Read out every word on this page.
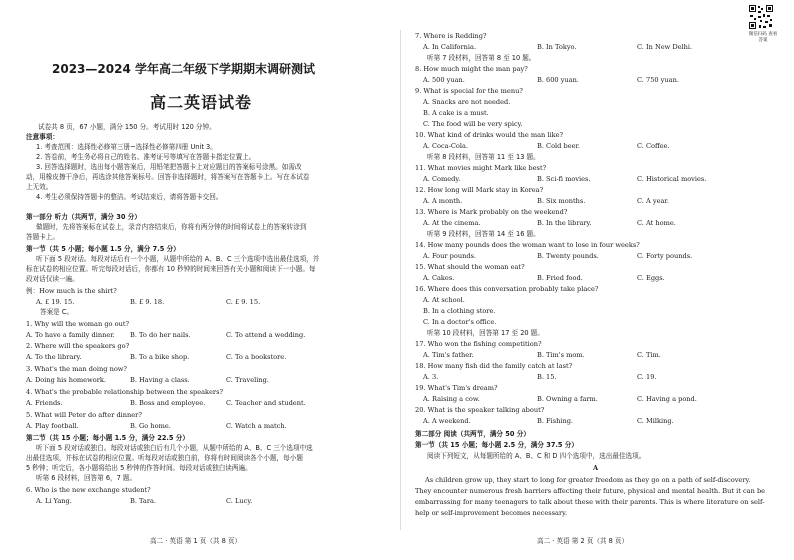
微信扫码 查看答案
2023—2024 学年高二年级下学期期末调研测试
高二英语试卷
试卷共 8 页，67 小题，满分 150 分。考试用时 120 分钟。
注意事项：
1. 考查范围：选择性必修第三册~选择性必修第四册 Unit 3。
2. 答卷前，考生务必将自己的姓名、准考证号等填写在答题卡指定位置上。
3. 回答选择题时，选出每小题答案后，用铅笔把答题卡上对应题目的答案标号涂黑。如需改
动，用橡皮擦干净后，再选涂其他答案标号。回答非选择题时，将答案写在答题卡上。写在本试卷
上无效。
4. 考生必须保持答题卡的整洁。考试结束后，请将答题卡交回。
第一部分 听力（共两节，满分 30 分）
做题时，先将答案标在试卷上，录音内容结束后，你将有两分钟的时间将试卷上的答案转涂到
答题卡上。
第一节（共 5 小题；每小题 1.5 分，满分 7.5 分）
听下面 5 段对话。每段对话后有一个小题，从题中所给的 A、B、C 三个选项中选出最佳选项，并
标在试卷的相应位置。听完每段对话后，你都有 10 秒钟的时间来回答有关小题和阅读下一小题。每
段对话仅读一遍。
例：How much is the shirt?
A. £ 19. 15.	B. £ 9. 18.	C. £ 9. 15.
答案是 C。
1. Why will the woman go out?
A. To have a family dinner. B. To do her nails.	C. To attend a wedding.
2. Where will the speakers go?
A. To the library.	B. To a bike shop.	C. To a bookstore.
3. What's the man doing now?
A. Doing his homework.	B. Having a class.	C. Traveling.
4. What's the probable relationship between the speakers?
A. Friends.	B. Boss and employee.	C. Teacher and student.
5. What will Peter do after dinner?
A. Play football.	B. Go home.	C. Watch a match.
第二节（共 15 小题；每小题 1.5 分，满分 22.5 分）
听下面 5 段对话或独白。每段对话或独白后有几个小题，从题中所给的 A、B、C 三个选项中选
出最佳选项，并标在试卷的相应位置。听每段对话或独白前，你将有时间阅读各个小题，每小题
5 秒钟；听完后，各小题将给出 5 秒钟的作答时间。每段对话或独白读两遍。
听第 6 段材料，回答第 6，7 题。
6. Who is the new exchange student?
A. Li Yang.	B. Tara.	C. Lucy.
高二 · 英语 第 1 页（共 8 页）
7. Where is Redding?
A. In California.	B. In Tokyo.	C. In New Delhi.
听第 7 段材料，回答第 8 至 10 题。
8. How much might the man pay?
A. 500 yuan.	B. 600 yuan.	C. 750 yuan.
9. What is special for the menu?
A. Snacks are not needed.
B. A cake is a must.
C. The food will be very spicy.
10. What kind of drinks would the man like?
A. Coca-Cola.	B. Cold beer.	C. Coffee.
听第 8 段材料，回答第 11 至 13 题。
11. What movies might Mark like best?
A. Comedy.	B. Sci-fi movies.	C. Historical movies.
12. How long will Mark stay in Korea?
A. A month.	B. Six months.	C. A year.
13. Where is Mark probably on the weekend?
A. At the cinema.	B. In the library.	C. At home.
听第 9 段材料，回答第 14 至 16 题。
14. How many pounds does the woman want to lose in four weeks?
A. Four pounds.	B. Twenty pounds.	C. Forty pounds.
15. What should the woman eat?
A. Cakes.	B. Fried food.	C. Eggs.
16. Where does this conversation probably take place?
A. At school.
B. In a clothing store.
C. In a doctor's office.
听第 10 段材料，回答第 17 至 20 题。
17. Who won the fishing competition?
A. Tim's father.	B. Tim's mom.	C. Tim.
18. How many fish did the family catch at last?
A. 3.	B. 15.	C. 19.
19. What's Tim's dream?
A. Raising a cow.	B. Owning a farm.	C. Having a pond.
20. What is the speaker talking about?
A. A weekend.	B. Fishing.	C. Milking.
第二部分 阅读（共两节，满分 50 分）
第一节（共 15 小题；每小题 2.5 分，满分 37.5 分）
阅读下列短文，从每题所给的 A、B、C 和 D 四个选项中，选出最佳选项。
A
As children grow up, they start to long for greater freedom as they go on a path of self-discovery.
They encounter numerous fresh barriers affecting their future, physical and mental health. But it can be
embarrassing for many teenagers to talk about these with their parents. This is where literature on self-
help or self-improvement becomes necessary.
高二 · 英语 第 2 页（共 8 页）
